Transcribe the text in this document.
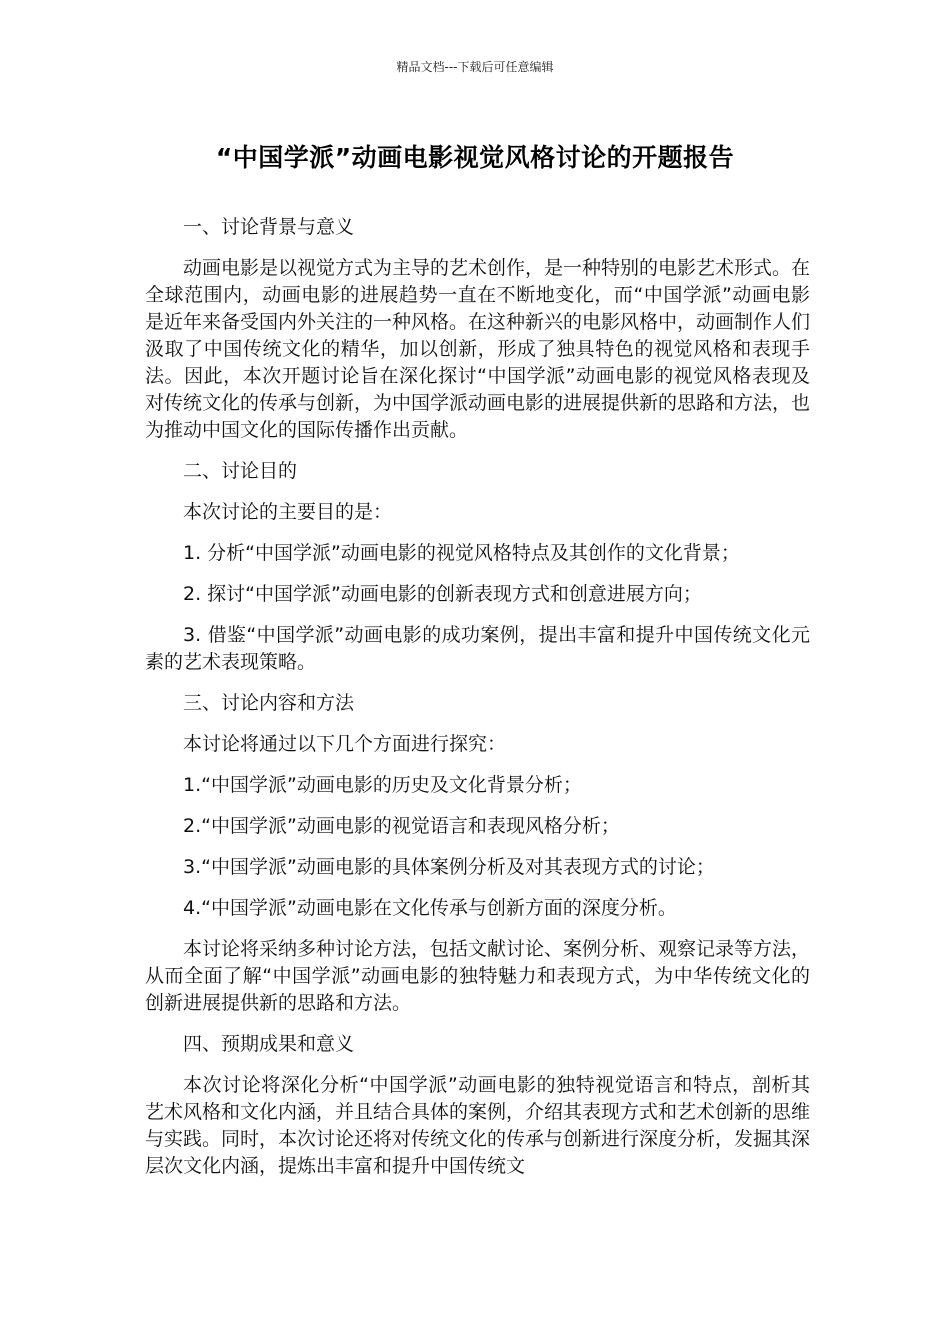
精品文档---下载后可任意编辑
“中国学派”动画电影视觉风格讨论的开题报告

一、讨论背景与意义

动画电影是以视觉方式为主导的艺术创作，是一种特别的电影艺术形式。在全球范围内，动画电影的进展趋势一直在不断地变化，而“中国学派”动画电影是近年来备受国内外关注的一种风格。在这种新兴的电影风格中，动画制作人们汲取了中国传统文化的精华，加以创新，形成了独具特色的视觉风格和表现手法。因此，本次开题讨论旨在深化探讨“中国学派”动画电影的视觉风格表现及对传统文化的传承与创新，为中国学派动画电影的进展提供新的思路和方法，也为推动中国文化的国际传播作出贡献。

二、讨论目的

本次讨论的主要目的是：

1. 分析“中国学派”动画电影的视觉风格特点及其创作的文化背景；

2. 探讨“中国学派”动画电影的创新表现方式和创意进展方向；

3. 借鉴“中国学派”动画电影的成功案例，提出丰富和提升中国传统文化元素的艺术表现策略。

三、讨论内容和方法

本讨论将通过以下几个方面进行探究：

1.“中国学派”动画电影的历史及文化背景分析；

2.“中国学派”动画电影的视觉语言和表现风格分析；

3.“中国学派”动画电影的具体案例分析及对其表现方式的讨论；

4.“中国学派”动画电影在文化传承与创新方面的深度分析。

本讨论将采纳多种讨论方法，包括文献讨论、案例分析、观察记录等方法，从而全面了解“中国学派”动画电影的独特魅力和表现方式，为中华传统文化的创新进展提供新的思路和方法。

四、预期成果和意义

本次讨论将深化分析“中国学派”动画电影的独特视觉语言和特点，剖析其艺术风格和文化内涵，并且结合具体的案例，介绍其表现方式和艺术创新的思维与实践。同时，本次讨论还将对传统文化的传承与创新进行深度分析，发掘其深层次文化内涵，提炼出丰富和提升中国传统文
